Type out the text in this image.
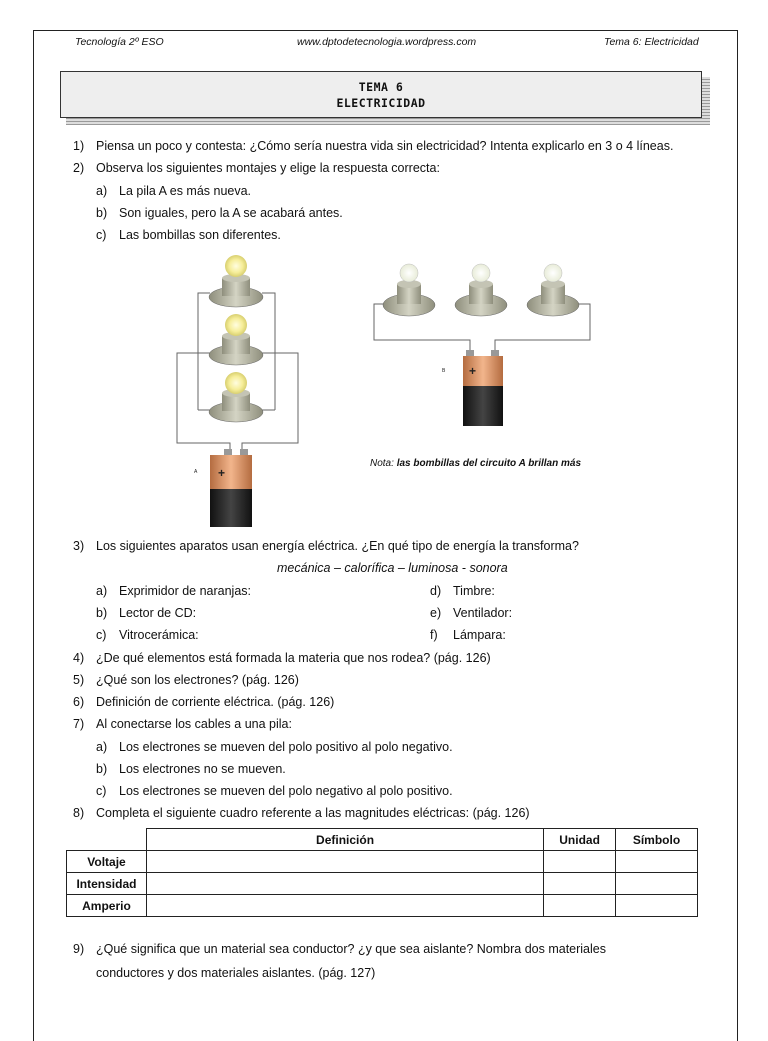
Tecnología 2º ESO	www.dptodetecnologia.wordpress.com	Tema 6: Electricidad
TEMA 6
ELECTRICIDAD
1) Piensa un poco y contesta: ¿Cómo sería nuestra vida sin electricidad? Intenta explicarlo en 3 o 4 líneas.
2) Observa los siguientes montajes y elige la respuesta correcta:
a) La pila A es más nueva.
b) Son iguales, pero la A se acabará antes.
c) Las bombillas son diferentes.
+
A
+
B
Nota: las bombillas del circuito A brillan más
3) Los siguientes aparatos usan energía eléctrica. ¿En qué tipo de energía la transforma?
mecánica – calorífica – luminosa - sonora
a) Exprimidor de naranjas:
b) Lector de CD:
c) Vitrocerámica:
d) Timbre:
e) Ventilador:
f) Lámpara:
4) ¿De qué elementos está formada la materia que nos rodea? (pág. 126)
5) ¿Qué son los electrones? (pág. 126)
6) Definición de corriente eléctrica. (pág. 126)
7) Al conectarse los cables a una pila:
a) Los electrones se mueven del polo positivo al polo negativo.
b) Los electrones no se mueven.
c) Los electrones se mueven del polo negativo al polo positivo.
8) Completa el siguiente cuadro referente a las magnitudes eléctricas: (pág. 126)
	Definición	Unidad	Símbolo
Voltaje			
Intensidad			
Amperio			
9) ¿Qué significa que un material sea conductor? ¿y que sea aislante? Nombra dos materiales
conductores y dos materiales aislantes. (pág. 127)
